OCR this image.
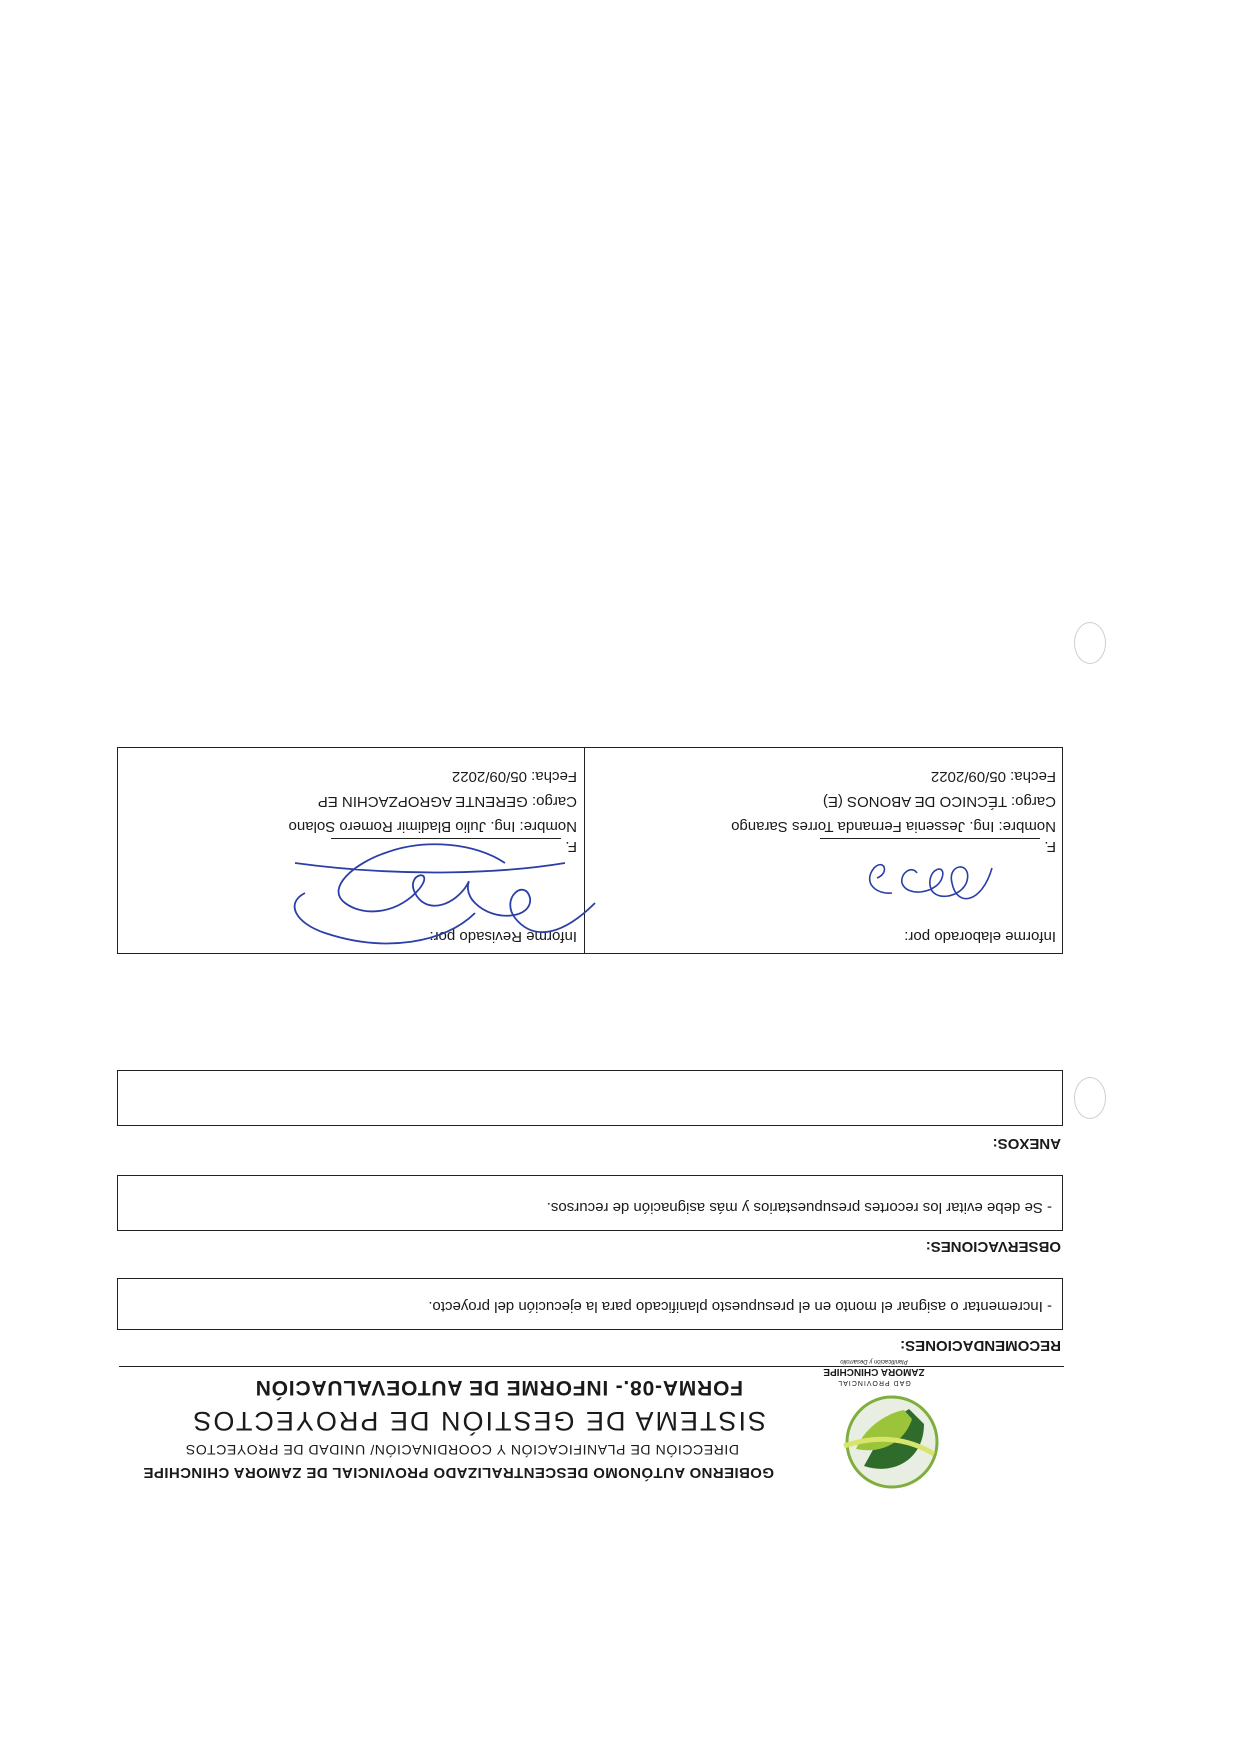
GAD PROVINCIAL
ZAMORA CHINCHIPE
Planificación y Desarrollo
GOBIERNO AUTÓNOMO DESCENTRALIZADO PROVINCIAL DE ZAMORA CHINCHIPE
DIRECCIÓN DE PLANIFICACIÓN Y COORDINACIÓN/ UNIDAD DE PROYECTOS
SISTEMA DE GESTIÓN DE PROYECTOS
FORMA-08.- INFORME DE AUTOEVALUACIÓN
RECOMENDACIONES:
- Incrementar o asignar el monto en el presupuesto planificado para la ejecución del proyecto.
OBSERVACIONES:
- Se debe evitar los recortes presupuestarios y más asignación de recursos.
ANEXOS:
Informe elaborado por:
F.
Nombre: Ing. Jessenia Fernanda Torres Sarango
Cargo: TÉCNICO DE ABONOS (E)
Fecha: 05/09/2022
Informe Revisado por:
F.
Nombre: Ing. Julio Bladimir Romero Solano
Cargo: GERENTE AGROPZACHIN EP
Fecha: 05/09/2022
